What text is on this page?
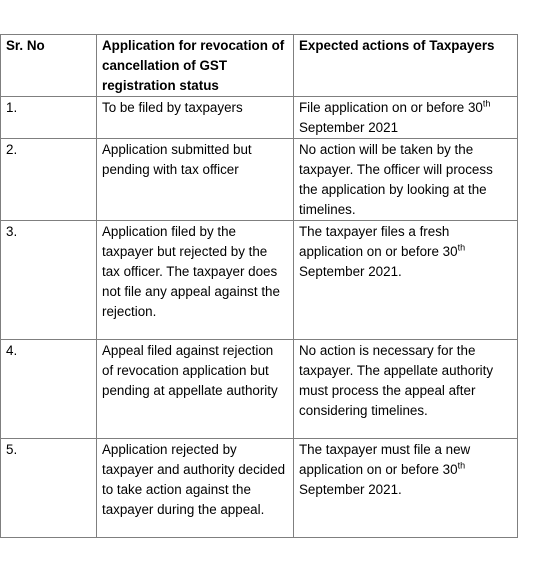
Sr. No	Application for revocation of cancellation of GST registration status	Expected actions of Taxpayers
1.	To be filed by taxpayers	File application on or before 30th September 2021
2.	Application submitted but pending with tax officer	No action will be taken by the taxpayer. The officer will process the application by looking at the timelines.
3.	Application filed by the taxpayer but rejected by the tax officer. The taxpayer does not file any appeal against the rejection.	The taxpayer files a fresh application on or before 30th September 2021.
4.	Appeal filed against rejection of revocation application but pending at appellate authority	No action is necessary for the taxpayer. The appellate authority must process the appeal after considering timelines.
5.	Application rejected by taxpayer and authority decided to take action against the taxpayer during the appeal.	The taxpayer must file a new application on or before 30th September 2021.
